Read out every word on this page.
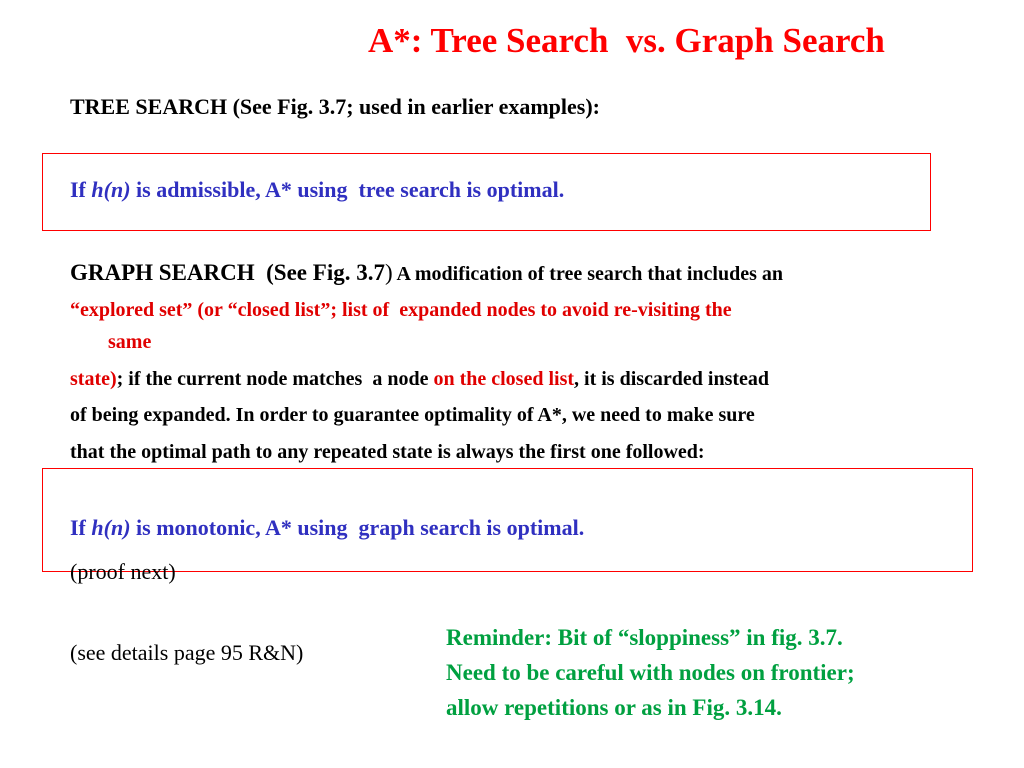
A*: Tree Search  vs. Graph Search

TREE SEARCH (See Fig. 3.7; used in earlier examples):

If h(n) is admissible, A* using  tree search is optimal.

GRAPH SEARCH  (See Fig. 3.7) A modification of tree search that includes an

“explored set” (or “closed list”; list of  expanded nodes to avoid re-visiting the

same

state); if the current node matches  a node on the closed list, it is discarded instead

of being expanded. In order to guarantee optimality of A*, we need to make sure

that the optimal path to any repeated state is always the first one followed:

If h(n) is monotonic, A* using  graph search is optimal.

(proof next)

(see details page 95 R&N)

Reminder: Bit of “sloppiness” in fig. 3.7.

Need to be careful with nodes on frontier;

allow repetitions or as in Fig. 3.14.
